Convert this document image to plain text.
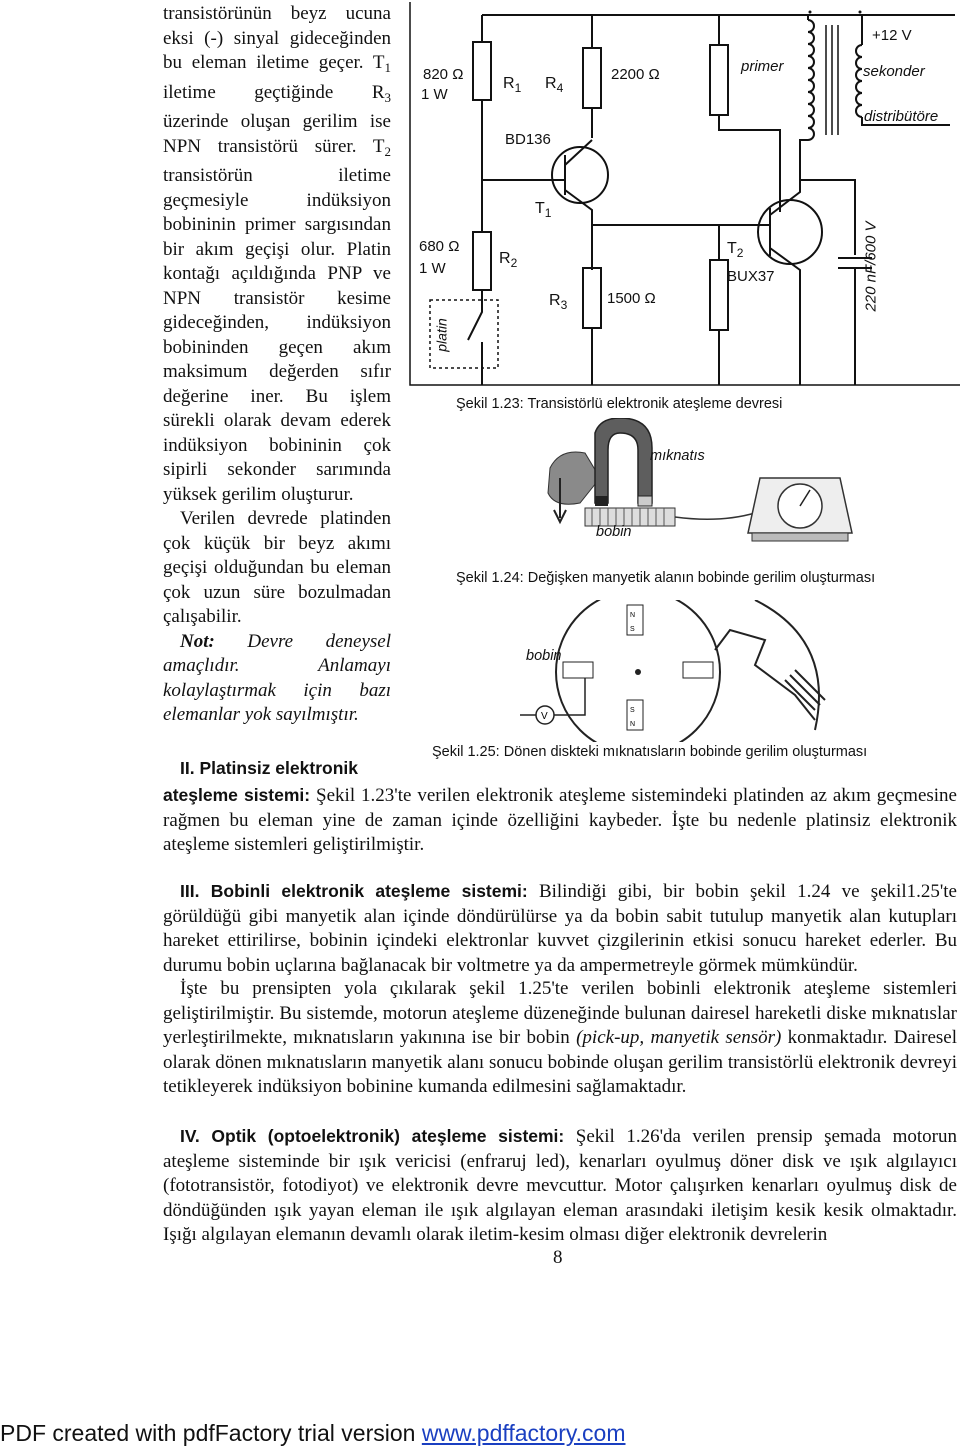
transistörünün beyz ucuna eksi (-) sinyal gideceğinden bu eleman iletime geçer. $T_1$ iletime geçtiğinde $R_3$ üzerinde oluşan gerilim ise NPN transistörü sürer. $T_2$ transistörün iletime geçmesiyle indüksiyon bobininin primer sargısından bir akım geçişi olur. Platin kontağı açıldığında PNP ve NPN transistör kesime gideceğinden, indüksiyon bobininden geçen akım maksimum değerden sıfır değerine iner. Bu işlem sürekli olarak devam ederek indüksiyon bobininin çok sipirli sekonder sarımında yüksek gerilim oluşturur.

Verilen devrede platinden çok küçük bir beyz akımı geçişi olduğundan bu eleman çok uzun süre bozulmadan çalışabilir.

Not: Devre deneysel amaçlıdır. Anlamayı kolaylaştırmak için bazı elemanlar yok sayılmıştır.

820 Ω
1 W
$R_1$ $R_4$
2200 Ω	primer
+12 V
sekonder
distribütöre
BD136
$T_1$
680 Ω
1 W
$R_2$
$T_2$
BUX37
$R_3$	1500 Ω	220 nF/600 V
platin
Şekil 1.23: Transistörlü elektronik ateşleme devresi
mıknatıs
bobin
Şekil 1.24: Değişken manyetik alanın bobinde gerilim oluşturması
N
S
S
N
V
bobin
Şekil 1.25: Dönen diskteki mıknatısların bobinde gerilim oluşturması
II. Platinsiz elektronik

ateşleme sistemi: Şekil 1.23'te verilen elektronik ateşleme sistemindeki platinden az akım geçmesine rağmen bu eleman yine de zaman içinde özelliğini kaybeder. İşte bu nedenle platinsiz elektronik ateşleme sistemleri geliştirilmiştir.

III. Bobinli elektronik ateşleme sistemi: Bilindiği gibi, bir bobin şekil 1.24 ve şekil1.25'te görüldüğü gibi manyetik alan içinde döndürülürse ya da bobin sabit tutulup manyetik alan kutupları hareket ettirilirse, bobinin içindeki elektronlar kuvvet çizgilerinin etkisi sonucu hareket ederler. Bu durumu bobin uçlarına bağlanacak bir voltmetre ya da ampermetreyle görmek mümkündür.

İşte bu prensipten yola çıkılarak şekil 1.25'te verilen bobinli elektronik ateşleme sistemleri geliştirilmiştir. Bu sistemde, motorun ateşleme düzeneğinde bulunan dairesel hareketli diske mıknatıslar yerleştirilmekte, mıknatısların yakınına ise bir bobin (pick-up, manyetik sensör) konmaktadır. Dairesel olarak dönen mıknatısların manyetik alanı sonucu bobinde oluşan gerilim transistörlü elektronik devreyi tetikleyerek indüksiyon bobinine kumanda edilmesini sağlamaktadır.

IV. Optik (optoelektronik) ateşleme sistemi: Şekil 1.26'da verilen prensip şemada motorun ateşleme sisteminde bir ışık vericisi (enfraruj led), kenarları oyulmuş döner disk ve ışık algılayıcı (fototransistör, fotodiyot) ve elektronik devre mevcuttur. Motor çalışırken kenarları oyulmuş disk de döndüğünden ışık yayan eleman ile ışık algılayan eleman arasındaki iletişim kesik kesik olmaktadır. Işığı algılayan elemanın devamlı olarak iletim-kesim olması diğer elektronik devrelerin

8
PDF created with pdfFactory trial version www.pdffactory.com
